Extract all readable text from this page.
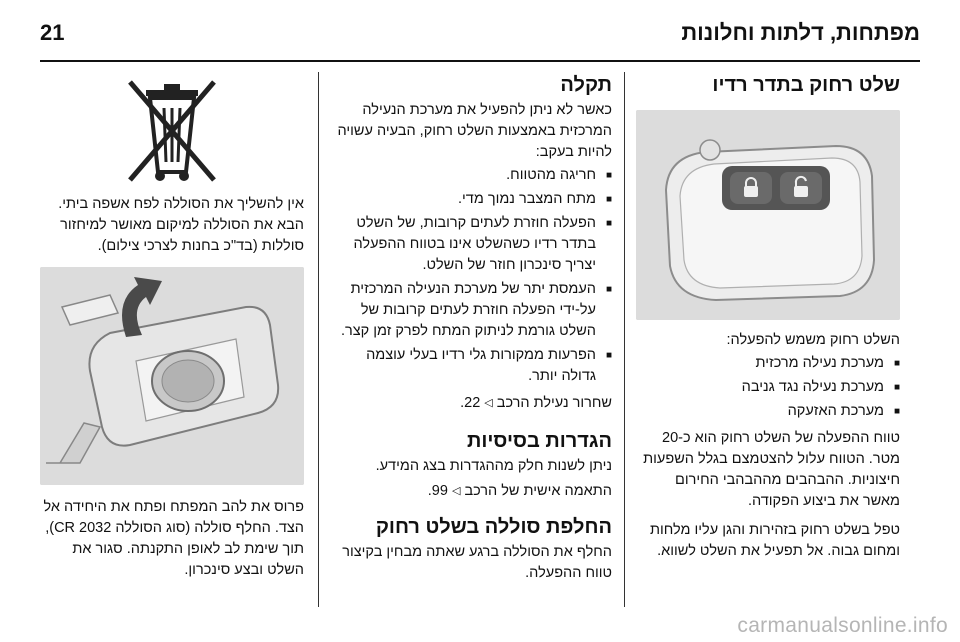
21	מפתחות, דלתות וחלונות
שלט רחוק בתדר רדיו

השלט רחוק משמש להפעלה:

■ מערכת נעילה מרכזית
■ מערכת נעילה נגד גניבה
■ מערכת האזעקה

טווח ההפעלה של השלט רחוק הוא כ-20 מטר. הטווח עלול להצטמצם בגלל השפעות חיצוניות. ההבהבים מההבהבי החירום מאשר את ביצוע הפקודה.

טפל בשלט רחוק בזהירות והגן עליו מלחות ומחום גבוה. אל תפעיל את השלט לשווא.

תקלה

כאשר לא ניתן להפעיל את מערכת הנעילה המרכזית באמצעות השלט רחוק, הבעיה עשויה להיות בעקב:

■ חריגה מהטווח.
■ מתח המצבר נמוך מדי.
■ הפעלה חוזרת לעתים קרובות, של השלט בתדר רדיו כשהשלט אינו בטווח ההפעלה יצריך סינכרון חוזר של השלט.
■ העמסת יתר של מערכת הנעילה המרכזית על-ידי הפעלה חוזרת לעתים קרובות של השלט גורמת לניתוק המתח לפרק זמן קצר.
■ הפרעות ממקורות גלי רדיו בעלי עוצמה גדולה יותר.
שחרור נעילת הרכב ◁ 22.
הגדרות בסיסיות

ניתן לשנות חלק מההגדרות בצג המידע.

התאמה אישית של הרכב ◁ 99.
החלפת סוללה בשלט רחוק

החלף את הסוללה ברגע שאתה מבחין בקיצור טווח ההפעלה.

אין להשליך את הסוללה לפח אשפה ביתי. הבא את הסוללה למיקום מאושר למיחזור סוללות (בד"כ בחנות לצרכי צילום).

פרוס את להב המפתח ופתח את היחידה אל הצד. החלף סוללה (סוג הסוללה CR 2032), תוך שימת לב לאופן התקנתה. סגור את השלט ובצע סינכרון.

carmanualsonline.info
